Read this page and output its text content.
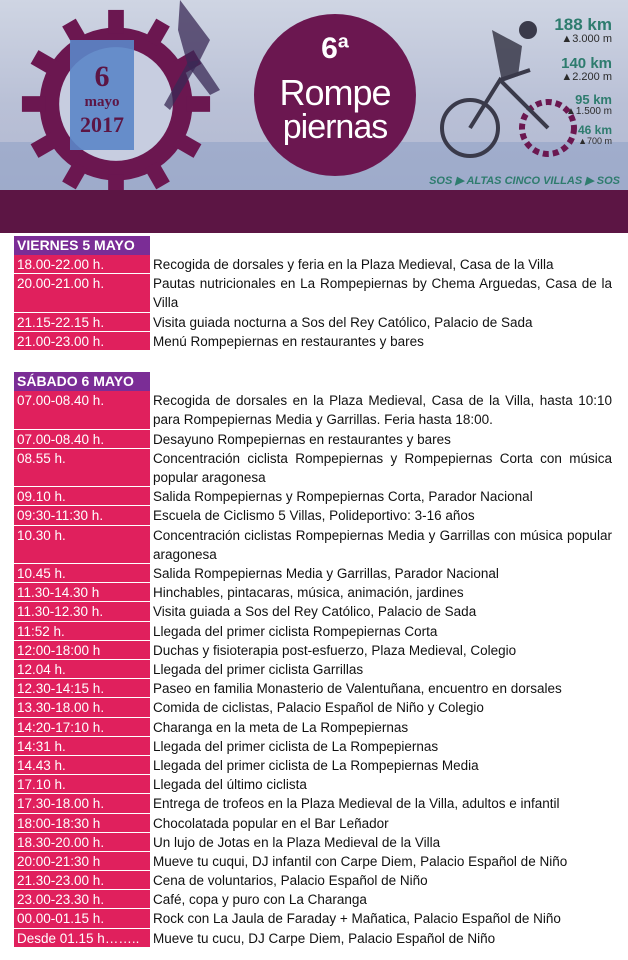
6
mayo
2017
6ª
Rompe
piernas
188 km
▲3.000 m
140 km
▲2.200 m
95 km
▲1.500 m
46 km
▲700 m
SOS ▶ ALTAS CINCO VILLAS ▶ SOS
VIERNES 5 MAYO
18.00-22.00 h.	Recogida de dorsales y feria en la Plaza Medieval, Casa de la Villa
20.00-21.00 h.	Pautas nutricionales en La Rompepiernas by Chema Arguedas, Casa de la Villa
21.15-22.15 h.	Visita guiada nocturna a Sos del Rey Católico, Palacio de Sada
21.00-23.00 h.	Menú Rompepiernas en restaurantes y bares
SÁBADO 6 MAYO
07.00-08.40 h.	Recogida de dorsales en la Plaza Medieval, Casa de la Villa, hasta 10:10 para Rompepiernas Media y Garrillas. Feria hasta 18:00.
07.00-08.40 h.	Desayuno Rompepiernas en restaurantes y bares
08.55 h.	Concentración ciclista Rompepiernas y Rompepiernas Corta con música popular aragonesa
09.10 h.	Salida Rompepiernas y Rompepiernas Corta, Parador Nacional
09:30-11:30 h.	Escuela de Ciclismo 5 Villas, Polideportivo: 3-16 años
10.30 h.	Concentración ciclistas Rompepiernas Media y Garrillas con música popular aragonesa
10.45 h.	Salida Rompepiernas Media y Garrillas, Parador Nacional
11.30-14.30 h	Hinchables, pintacaras, música, animación, jardines
11.30-12.30 h.	Visita guiada a Sos del Rey Católico, Palacio de Sada
11:52 h.	Llegada del primer ciclista Rompepiernas Corta
12:00-18:00 h	Duchas y fisioterapia post-esfuerzo, Plaza Medieval, Colegio
12.04 h.	Llegada del primer ciclista Garrillas
12.30-14:15 h.	Paseo en familia Monasterio de Valentuñana, encuentro en dorsales
13.30-18.00 h.	Comida de ciclistas, Palacio Español de Niño y Colegio
14:20-17:10 h.	Charanga en la meta de La Rompepiernas
14:31 h.	Llegada del primer ciclista de La Rompepiernas
14.43 h.	Llegada del primer ciclista de La Rompepiernas Media
17.10 h.	Llegada del último ciclista
17.30-18.00 h.	Entrega de trofeos en la Plaza Medieval de la Villa, adultos e infantil
18:00-18:30 h	Chocolatada popular en el Bar Leñador
18.30-20.00 h.	Un lujo de Jotas en la Plaza Medieval de la Villa
20:00-21:30 h	Mueve tu cuqui, DJ infantil con Carpe Diem, Palacio Español de Niño
21.30-23.00 h.	Cena de voluntarios, Palacio Español de Niño
23.00-23.30 h.	Café, copa y puro con La Charanga
00.00-01.15 h.	Rock con La Jaula de Faraday + Mañatica, Palacio Español de Niño
Desde 01.15 h……..	Mueve tu cucu, DJ Carpe Diem, Palacio Español de Niño
